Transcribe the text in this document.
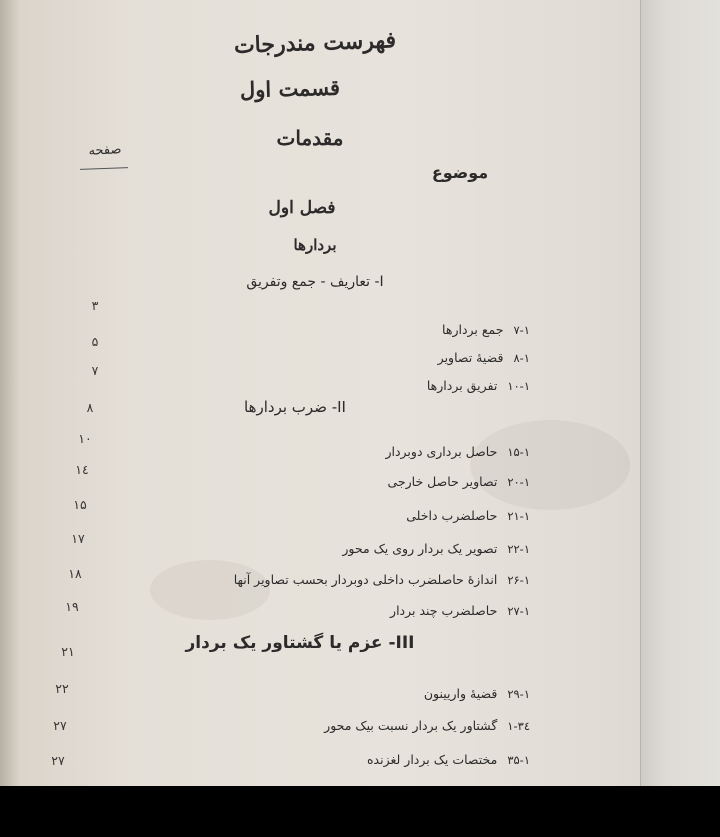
فهرست مندرجات
قسمت اول
مقدمات
صفحه
موضوع
فصل اول
بردارها
I- تعاریف - جمع وتفریق
۳
۷-۱جمع بردارها
۵
۸-۱قضیهٔ تصاویر
۷
۱۰-۱تفریق بردارها
II- ضرب بردارها
۸
۱۵-۱حاصل برداری دوبردار
۱۰
۲۰-۱تصاویر حاصل خارجی
۱٤
۲۱-۱حاصلضرب داخلی
۱۵
۲۲-۱تصویر یک بردار روی یک محور
۱۷
۲۶-۱اندازهٔ حاصلضرب داخلی دوبردار بحسب تصاویر آنها
۱۸
۲۷-۱حاصلضرب چند بردار
۱۹
III- عزم یا گشتاور یک بردار
۲۱
۲۹-۱قضیهٔ واریینون
۲۲
۳٤-۱گشتاور یک بردار نسبت بیک محور
۲۷
۳۵-۱مختصات یک بردار لغزنده
۲۷
